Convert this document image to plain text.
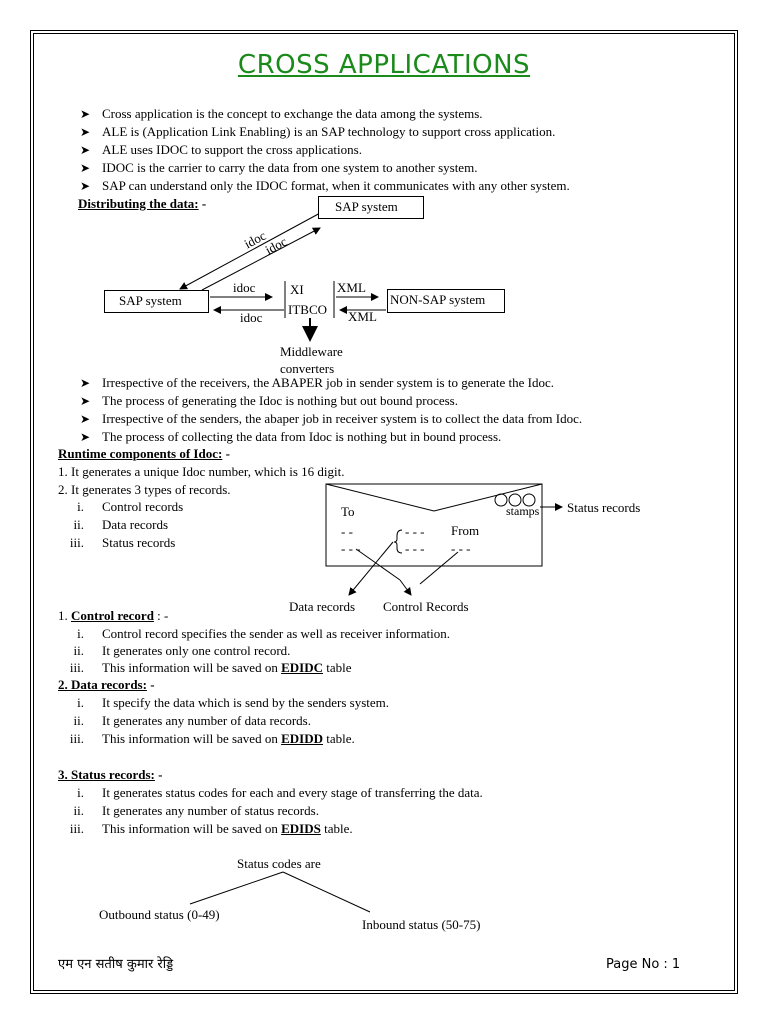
CROSS APPLICATIONS
➤ Cross application is the concept to exchange the data among the systems.
➤ ALE is (Application Link Enabling) is an SAP technology to support cross application.
➤ ALE uses IDOC to support the cross applications.
➤ IDOC is the carrier to carry the data from one system to another system.
➤ SAP can understand only the IDOC format, when it communicates with any other system.
Distributing the data: -	SAP system
SAP system	NON-SAP system
idoc
idoc
idoc
idoc
XI
ITBCO
XML
XML
Middleware
converters
➤ Irrespective of the receivers, the ABAPER job in sender system is to generate the Idoc.
➤ The process of generating the Idoc is nothing but out bound process.
➤ Irrespective of the senders, the abaper job in receiver system is to collect the data from Idoc.
➤ The process of collecting the data from Idoc is nothing but in bound process.
Runtime components of Idoc: -
1. It generates a unique Idoc number, which is 16 digit.
2. It generates 3 types of records.
i. Control records
ii. Data records
iii. Status records
To
- -
- - -
- - -
- - - - - -
From
stamps Status records
Data records Control Records
1. Control record : -
i. Control record specifies the sender as well as receiver information.
ii. It generates only one control record.
iii. This information will be saved on EDIDC table
2. Data records: -
i. It specify the data which is send by the senders system.
ii. It generates any number of data records.
iii. This information will be saved on EDIDD table.
3. Status records: -
i. It generates status codes for each and every stage of transferring the data.
ii. It generates any number of status records.
iii. This information will be saved on EDIDS table.
Status codes are
Outbound status (0-49)
Inbound status (50-75)
एम एन सतीष कुमार रेड्डि	Page No : 1
